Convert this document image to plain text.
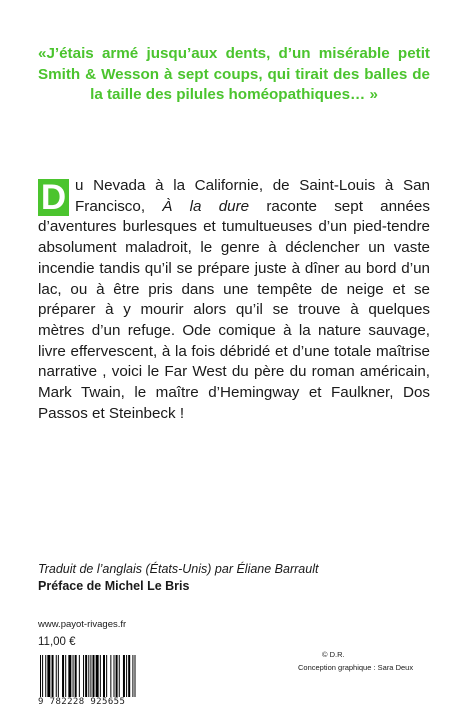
«J’étais armé jusqu’aux dents, d’un misérable petit Smith & Wesson à sept coups, qui tirait des balles de la taille des pilules homéopathiques… »
D u Nevada à la Californie, de Saint-Louis à San Francisco, À la dure raconte sept années d’aventures burlesques et tumultueuses d’un pied-tendre absolument maladroit, le genre à déclencher un vaste incendie tandis qu’il se prépare juste à dîner au bord d’un lac, ou à être pris dans une tempête de neige et se préparer à y mourir alors qu’il se trouve à quelques mètres d’un refuge. Ode comique à la nature sauvage, livre effervescent, à la fois débridé et d’une totale maîtrise narrative , voici le Far West du père du roman américain, Mark Twain, le maître d’Hemingway et Faulkner, Dos Passos et Steinbeck !
Traduit de l’anglais (États-Unis) par Éliane Barrault
Préface de Michel Le Bris
www.payot-rivages.fr
11,00 €
9 782228 925655
© D.R.
Conception graphique : Sara Deux
